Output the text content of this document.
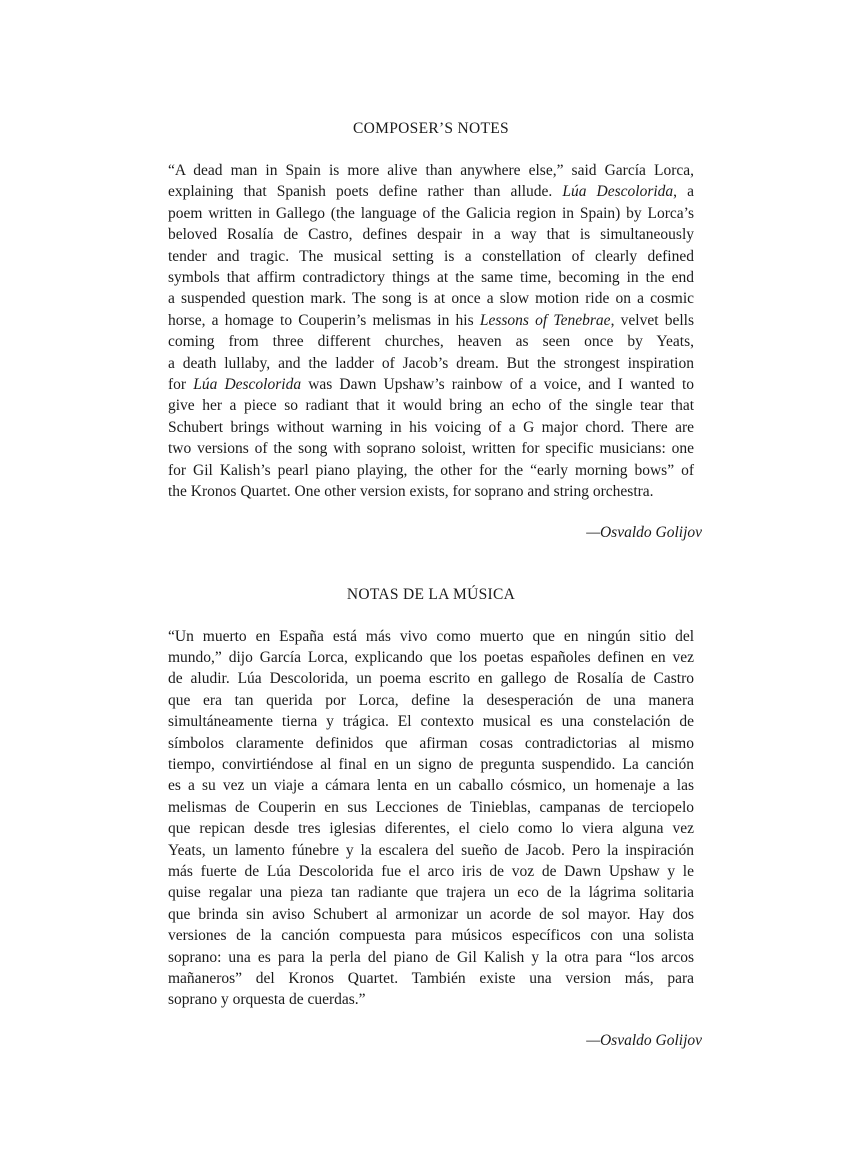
COMPOSER’S NOTES
“A dead man in Spain is more alive than anywhere else,” said García Lorca,
explaining that Spanish poets define rather than allude. Lúa Descolorida, a
poem written in Gallego (the language of the Galicia region in Spain) by Lorca’s
beloved Rosalía de Castro, defines despair in a way that is simultaneously
tender and tragic. The musical setting is a constellation of clearly defined
symbols that affirm contradictory things at the same time, becoming in the end
a suspended question mark. The song is at once a slow motion ride on a cosmic
horse, a homage to Couperin’s melismas in his Lessons of Tenebrae, velvet bells
coming from three different churches, heaven as seen once by Yeats,
a death lullaby, and the ladder of Jacob’s dream. But the strongest inspiration
for Lúa Descolorida was Dawn Upshaw’s rainbow of a voice, and I wanted to
give her a piece so radiant that it would bring an echo of the single tear that
Schubert brings without warning in his voicing of a G major chord. There are
two versions of the song with soprano soloist, written for specific musicians: one
for Gil Kalish’s pearl piano playing, the other for the “early morning bows” of
the Kronos Quartet. One other version exists, for soprano and string orchestra.
—Osvaldo Golijov
NOTAS DE LA MÚSICA
“Un muerto en España está más vivo como muerto que en ningún sitio del
mundo,” dijo García Lorca, explicando que los poetas españoles definen en vez
de aludir. Lúa Descolorida, un poema escrito en gallego de Rosalía de Castro
que era tan querida por Lorca, define la desesperación de una manera
simultáneamente tierna y trágica. El contexto musical es una constelación de
símbolos claramente definidos que afirman cosas contradictorias al mismo
tiempo, convirtiéndose al final en un signo de pregunta suspendido. La canción
es a su vez un viaje a cámara lenta en un caballo cósmico, un homenaje a las
melismas de Couperin en sus Lecciones de Tinieblas, campanas de terciopelo
que repican desde tres iglesias diferentes, el cielo como lo viera alguna vez
Yeats, un lamento fúnebre y la escalera del sueño de Jacob. Pero la inspiración
más fuerte de Lúa Descolorida fue el arco iris de voz de Dawn Upshaw y le
quise regalar una pieza tan radiante que trajera un eco de la lágrima solitaria
que brinda sin aviso Schubert al armonizar un acorde de sol mayor. Hay dos
versiones de la canción compuesta para músicos específicos con una solista
soprano: una es para la perla del piano de Gil Kalish y la otra para “los arcos
mañaneros” del Kronos Quartet. También existe una version más, para
soprano y orquesta de cuerdas.”
—Osvaldo Golijov
